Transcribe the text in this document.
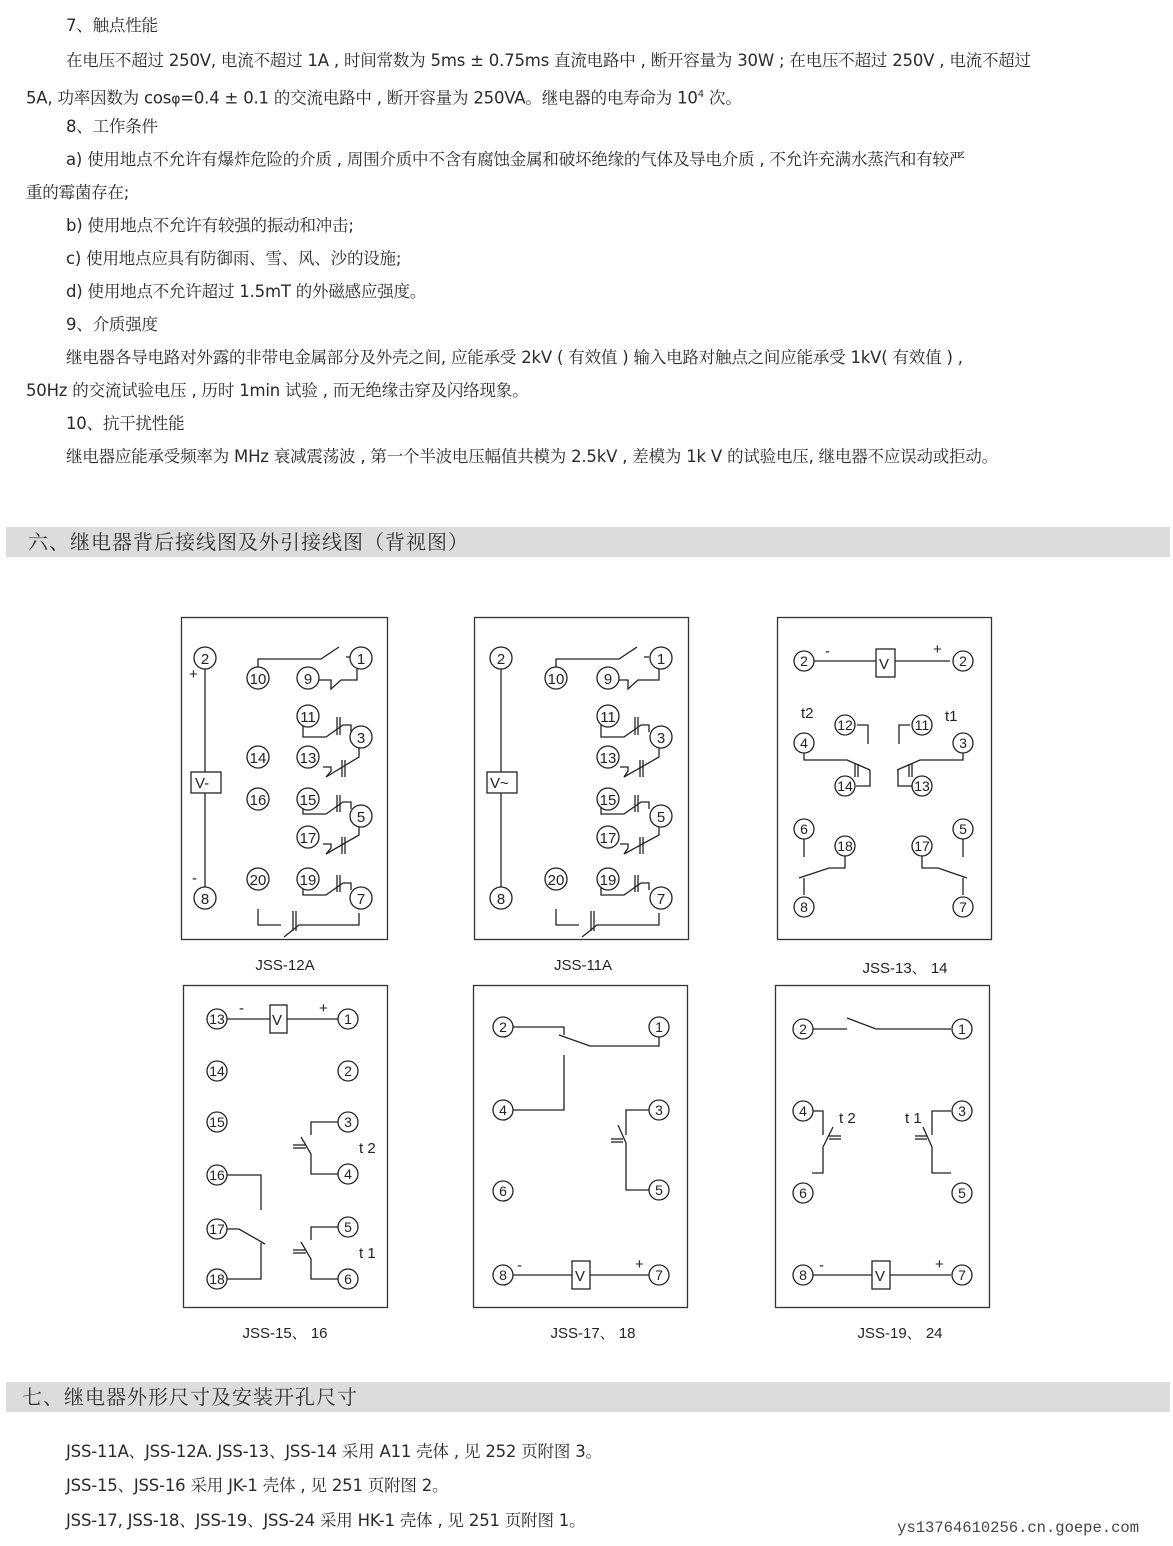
7、触点性能
在电压不超过 250V, 电流不超过 1A , 时间常数为 5ms ± 0.75ms 直流电路中 , 断开容量为 30W ; 在电压不超过 250V , 电流不超过
5A, 功率因数为 cosφ=0.4 ± 0.1 的交流电路中 , 断开容量为 250VA。继电器的电寿命为 $10^4$ 次。
8、工作条件
a) 使用地点不允许有爆炸危险的介质 , 周围介质中不含有腐蚀金属和破坏绝缘的气体及导电介质 , 不允许充满水蒸汽和有较严
重的霉菌存在;
b) 使用地点不允许有较强的振动和冲击;
c) 使用地点应具有防御雨、雪、风、沙的设施;
d) 使用地点不允许超过 1.5mT 的外磁感应强度。
9、介质强度
继电器各导电路对外露的非带电金属部分及外壳之间, 应能承受 2kV ( 有效值 ) 输入电路对触点之间应能承受 1kV( 有效值 ) ,
50Hz 的交流试验电压 , 历时 1min 试验 , 而无绝缘击穿及闪络现象。
10、抗干扰性能
继电器应能承受频率为 MHz 衰减震荡波 , 第一个半波电压幅值共模为 2.5kV , 差模为 1k V 的试验电压, 继电器不应误动或拒动。
六、继电器背后接线图及外引接线图（背视图）
V-
+
-
2	1
10 9
11
3
14 13
16 15
5
17
20 19
8	7
JSS-12A
V~
2	1
10	9
11
3
13
15
5
17
20 19
8	7
JSS-11A
V
-	+
t2	t1
2	2
12	11
4	3
14	13
6	5
18	17
8	7
JSS-13、 14
V
-	+
t 2
t 1
13	1
14	2
15	3
16	4
17	5
18	6
JSS-15、 16
V
-	+
2	1
4	3
6	5
8	7
JSS-17、 18
t 2	t 1
V
-	+
2	1
4	3
6	5
8	7
JSS-19、 24
七、继电器外形尺寸及安装开孔尺寸
JSS-11A、JSS-12A. JSS-13、JSS-14 采用 A11 壳体 , 见 252 页附图 3。
JSS-15、JSS-16 采用 JK-1 壳体 , 见 251 页附图 2。
JSS-17, JSS-18、JSS-19、JSS-24 采用 HK-1 壳体 , 见 251 页附图 1。	ys13764610256.cn.goepe.com
